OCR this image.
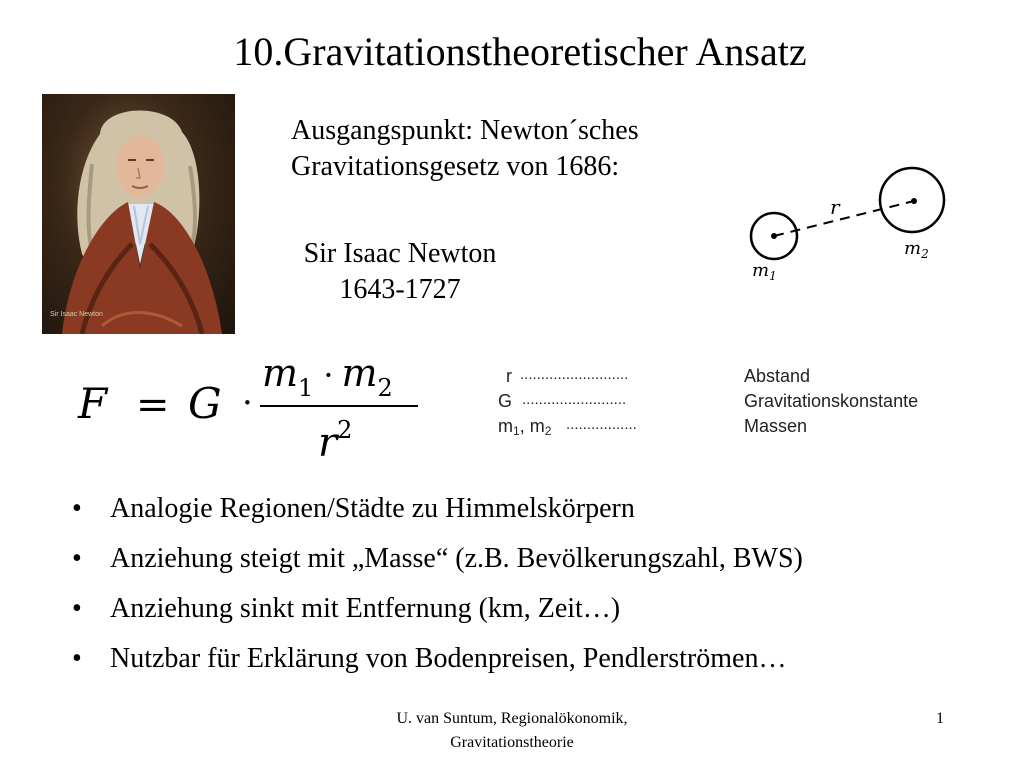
10.Gravitationstheoretischer Ansatz
Sir Isaac Newton
Ausgangspunkt: Newton´sches
Gravitationsgesetz von 1686:
Sir Isaac Newton
1643-1727
r
$m_1$
$m_2$
F = G ·
$m_1$ · $m_2$
$r^2$
r ..........................	Abstand
G .........................	Gravitationskonstante
$m_1$, $m_2$ .................	Massen
• Analogie Regionen/Städte zu Himmelskörpern
• Anziehung steigt mit „Masse“ (z.B. Bevölkerungszahl, BWS)
• Anziehung sinkt mit Entfernung (km, Zeit…)
• Nutzbar für Erklärung von Bodenpreisen, Pendlerströmen…
U. van Suntum, Regionalökonomik,
Gravitationstheorie
1
